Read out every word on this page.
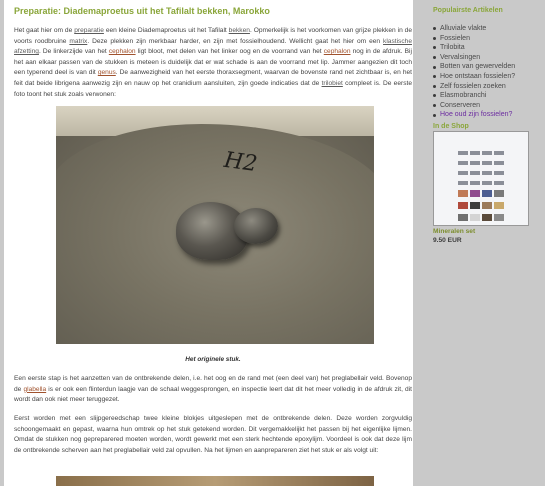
Preparatie: Diademaproetus uit het Tafilalt bekken, Marokko

Het gaat hier om de preparatie een kleine Diademaproetus uit het Tafilalt bekken. Opmerkelijk is het voorkomen van grijze plekken in de voorts roodbruine matrix. Deze plekken zijn merkbaar harder, en zijn met fossielhoudend. Wellicht gaat het hier om een klastische afzetting. De linkerzijde van het cephalon ligt bloot, met delen van het linker oog en de voorrand van het cephalon nog in de afdruk. Bij het aan elkaar passen van de stukken is meteen is duidelijk dat er wat schade is aan de voorrand met lip. Jammer aangezien dit toch een typerend deel is van dit genus. De aanwezigheid van het eerste thoraxsegment, waarvan de bovenste rand net zichtbaar is, en het feit dat beide librigena aanwezig zijn en nauw op het cranidium aansluiten, zijn goede indicaties dat de trilobiet compleet is. De eerste foto toont het stuk zoals verwonen:

H2
Het originele stuk.

Een eerste stap is het aanzetten van de ontbrekende delen, i.e. het oog en de rand met (een deel van) het preglabellair veld. Bovenop de glabella is er ook een flinterdun laagje van de schaal weggesprongen, en inspectie leert dat dit het meer volledig in de afdruk zit, dit wordt dan ook niet meer teruggezet.

Eerst worden met een slijpgereedschap twee kleine blokjes uitgeslepen met de ontbrekende delen. Deze worden zorgvuldig schoongemaakt en gepast, waarna hun omtrek op het stuk getekend worden. Dit vergemakkelijkt het passen bij het eigenlijke lijmen. Omdat de stukken nog gepreparered moeten worden, wordt gewerkt met een sterk hechtende epoxylijm. Voordeel is ook dat deze lijm de ontbrekende scherven aan het preglabellair veld zal opvullen. Na het lijmen en aanprepareren ziet het stuk er als volgt uit:

Populairste Artikelen
Alluviale vlakte
Fossielen
Trilobita
Vervalsingen
Botten van gewervelden
Hoe ontstaan fossielen?
Zelf fossielen zoeken
Elasmobranchi
Conserveren
Hoe oud zijn fossielen?
In de Shop
Mineralen set
9.50 EUR
